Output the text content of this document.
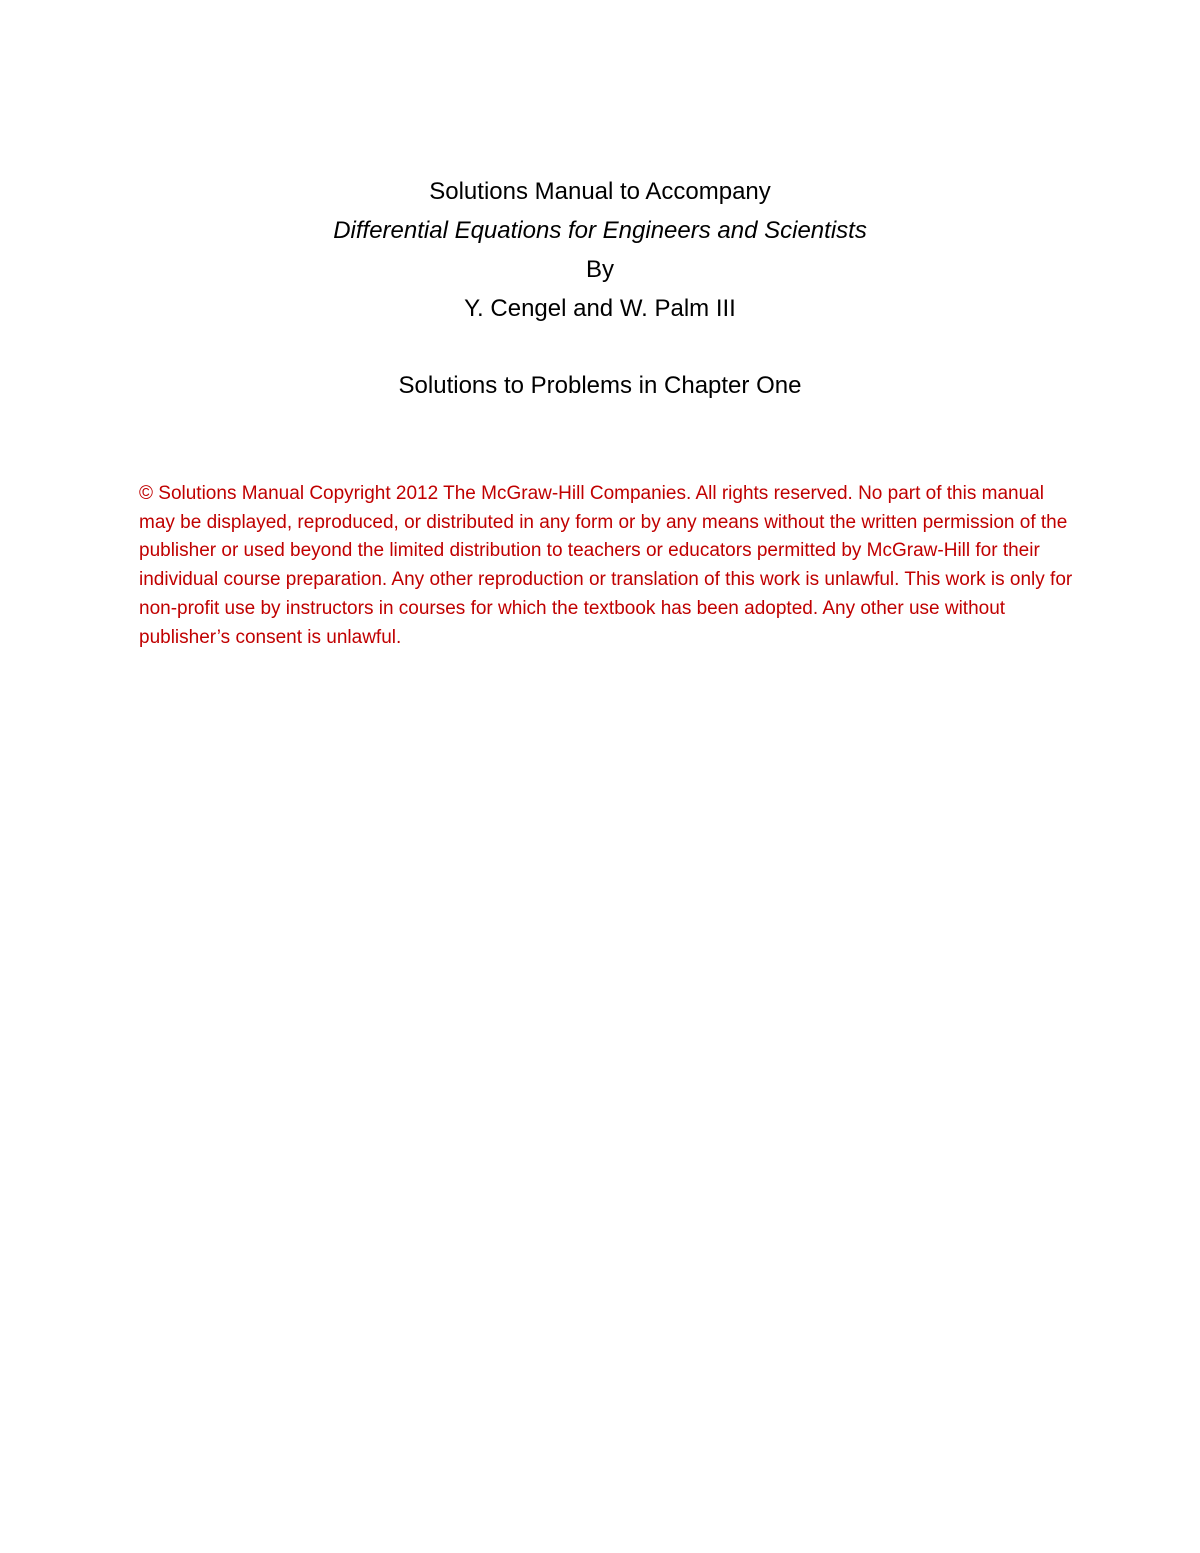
Solutions Manual to Accompany
Differential Equations for Engineers and Scientists
By
Y. Cengel and W. Palm III
Solutions to Problems in Chapter One

© Solutions Manual Copyright 2012 The McGraw-Hill Companies. All rights reserved. No part of this manual may be displayed, reproduced, or distributed in any form or by any means without the written permission of the publisher or used beyond the limited distribution to teachers or educators permitted by McGraw-Hill for their individual course preparation. Any other reproduction or translation of this work is unlawful. This work is only for non-profit use by instructors in courses for which the textbook has been adopted. Any other use without publisher’s consent is unlawful.
